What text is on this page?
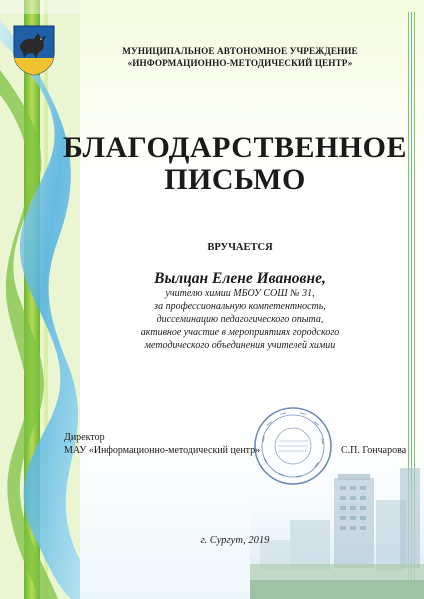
МУНИЦИПАЛЬНОЕ АВТОНОМНОЕ УЧРЕЖДЕНИЕ
«ИНФОРМАЦИОННО-МЕТОДИЧЕСКИЙ ЦЕНТР»
БЛАГОДАРСТВЕННОЕ
ПИСЬМО
ВРУЧАЕТСЯ
Вылцан Елене Ивановне,
учителю химии МБОУ СОШ № 31,
за профессиональную компетентность,
диссеминацию педагогического опыта,
активное участие в мероприятиях городского
методического объединения учителей химии
Директор
МАУ «Информационно-методический центр»	С.П. Гончарова
г. Сургут, 2019
